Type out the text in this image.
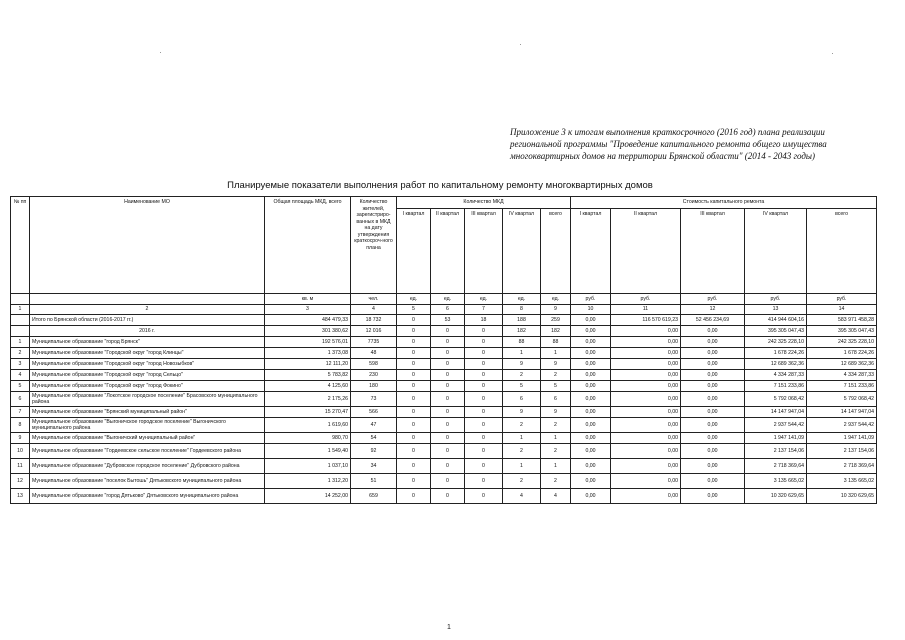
Приложение 3 к итогам выполнения краткосрочного (2016 год) плана реализации
региональной программы "Проведение капитального ремонта общего имущества
многоквартирных домов на территории Брянской области" (2014 - 2043 годы)
Планируемые показатели выполнения работ по капитальному ремонту многоквартирных домов
№ пп	Наименование МО	Общая площадь МКД, всего	Количество жителей, зарегистриро-ванных в МКД на дату утверждения краткосроч-ного плана	Количество МКД					Стоимость капитального ремонта				
				I квартал	II квартал	III квартал	IV квартал	всего	I квартал	II квартал	III квартал	IV квартал	всего
		кв. м	чел.	ед.	ед.	ед.	ед.	ед.	руб.	руб.	руб.	руб.	руб.
1	2	3	4	5	6	7	8	9	10	11	12	13	14
	Итого по Брянской области (2016-2017 гг.)	484 479,33	18 732	0	53	18	188	259	0,00	116 570 619,23	52 456 234,69	414 944 604,16	583 971 458,28
	2016 г.	301 380,62	12 016	0	0	0	182	182	0,00	0,00	0,00	395 305 047,43	395 305 047,43
1	Муниципальное образование "город Брянск"	192 576,01	7735	0	0	0	88	88	0,00	0,00	0,00	242 325 228,10	242 325 228,10
2	Муниципальное образование "Городской округ "город Клинцы"	1 373,08	48	0	0	0	1	1	0,00	0,00	0,00	1 678 224,26	1 678 224,26
3	Муниципальное образование "Городской округ "город Новозыбков"	12 111,20	598	0	0	0	9	9	0,00	0,00	0,00	12 689 362,36	12 689 362,36
4	Муниципальное образование "Городской округ "город Сельцо"	5 783,82	230	0	0	0	2	2	0,00	0,00	0,00	4 334 287,33	4 334 287,33
5	Муниципальное образование "Городской округ "город Фокино"	4 125,60	180	0	0	0	5	5	0,00	0,00	0,00	7 151 233,86	7 151 233,86
6	Муниципальное образование "Локотское городское поселение" Брасовского муниципального района	2 175,26	73	0	0	0	6	6	0,00	0,00	0,00	5 792 068,42	5 792 068,42
7	Муниципальное образование "Брянский муниципальный район"	15 270,47	566	0	0	0	9	9	0,00	0,00	0,00	14 147 947,04	14 147 947,04
8	Муниципальное образование "Выгоничское городское поселение" Выгоничского муниципального района	1 619,60	47	0	0	0	2	2	0,00	0,00	0,00	2 937 544,42	2 937 544,42
9	Муниципальное образование "Выгоничский муниципальный район"	980,70	54	0	0	0	1	1	0,00	0,00	0,00	1 947 141,09	1 947 141,09
10	Муниципальное образование "Гордеевское сельское поселение" Гордеевского района	1 549,40	92	0	0	0	2	2	0,00	0,00	0,00	2 137 154,06	2 137 154,06
11	Муниципальное образование "Дубровское городское поселение" Дубровского района	1 037,10	34	0	0	0	1	1	0,00	0,00	0,00	2 718 369,64	2 718 369,64
12	Муниципальное образование "поселок Бытошь" Дятьковского муниципального района	1 312,20	51	0	0	0	2	2	0,00	0,00	0,00	3 135 665,02	3 135 665,02
13	Муниципальное образование "город Дятьково" Дятьковского муниципального района	14 252,00	659	0	0	0	4	4	0,00	0,00	0,00	10 320 629,65	10 320 629,65
1
